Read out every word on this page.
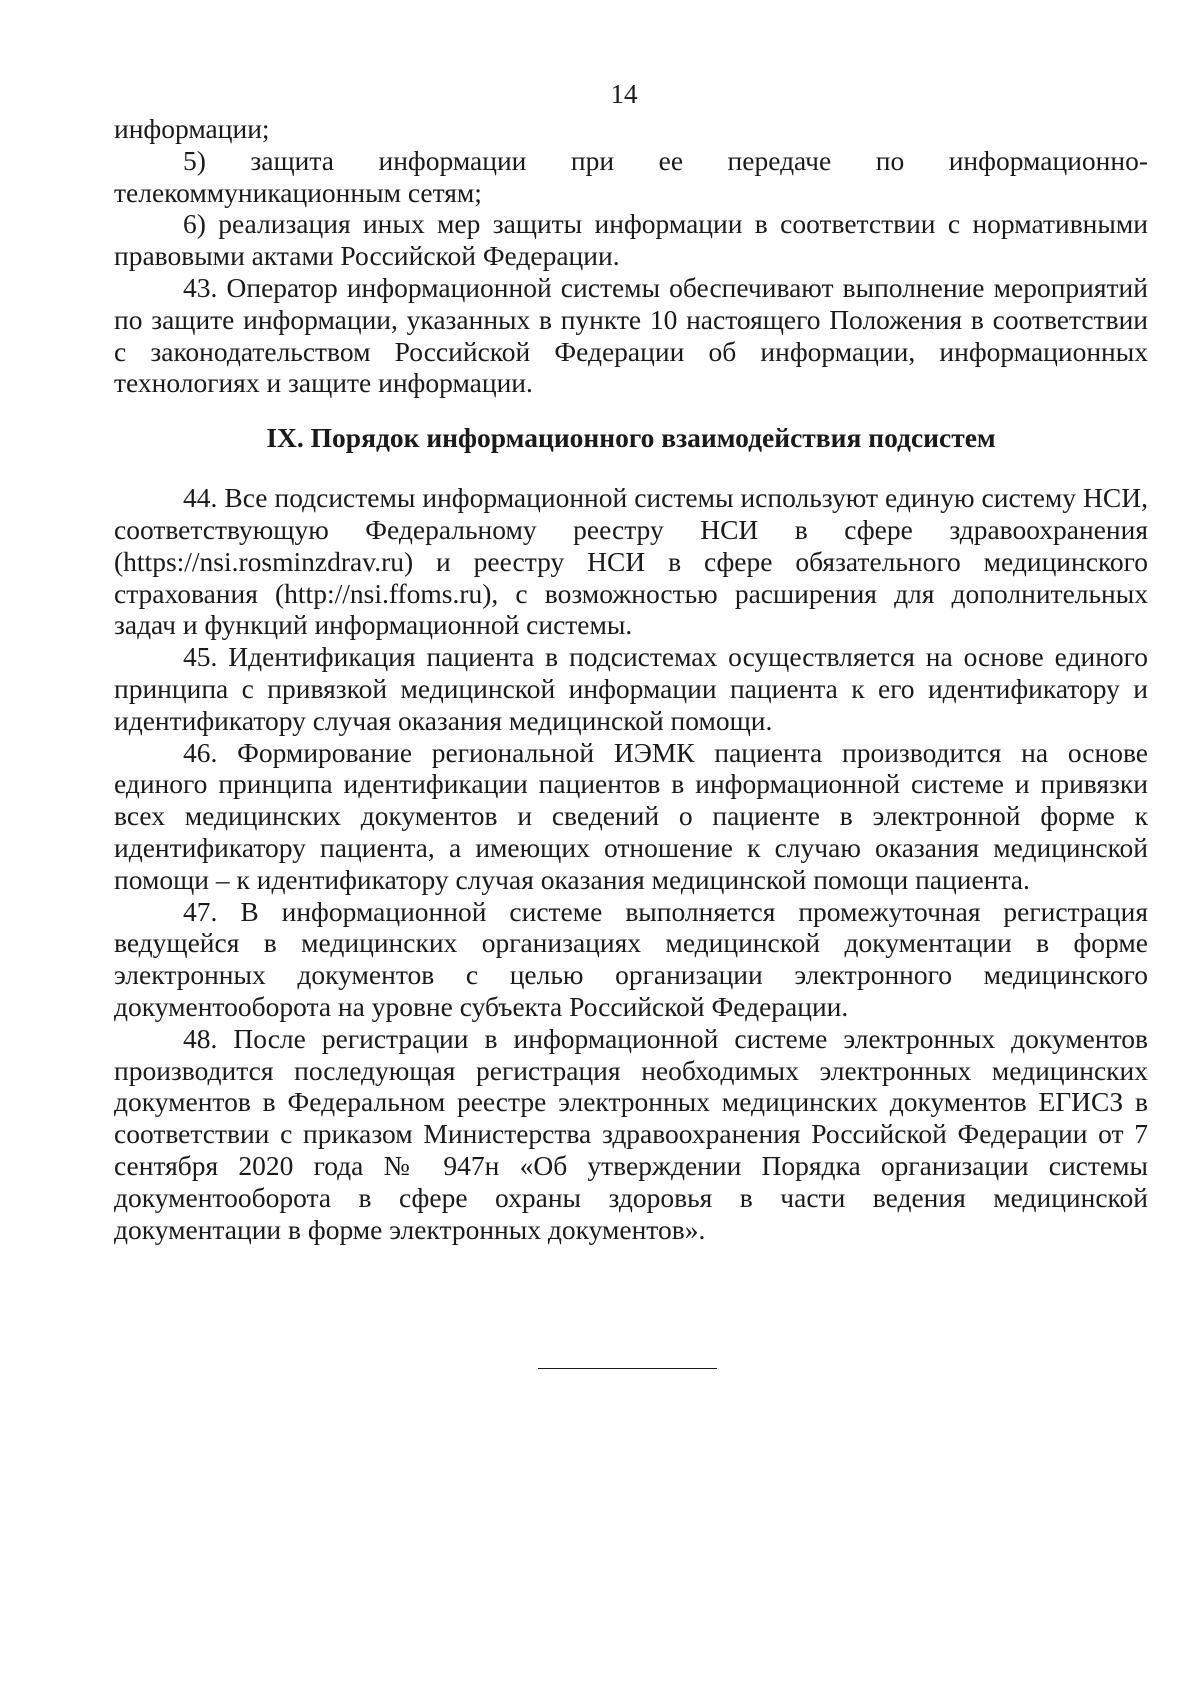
14

информации;

5) защита информации при ее передаче по информационно-телекоммуникационным сетям;

6) реализация иных мер защиты информации в соответствии с нормативными правовыми актами Российской Федерации.

43. Оператор информационной системы обеспечивают выполнение мероприятий по защите информации, указанных в пункте 10 настоящего Положения в соответствии с законодательством Российской Федерации об информации, информационных технологиях и защите информации.

IX. Порядок информационного взаимодействия подсистем

44. Все подсистемы информационной системы используют единую систему НСИ, соответствующую Федеральному реестру НСИ в сфере здравоохранения (https://nsi.rosminzdrav.ru) и реестру НСИ в сфере обязательного медицинского страхования (http://nsi.ffoms.ru), с возможностью расширения для дополнительных задач и функций информационной системы.

45. Идентификация пациента в подсистемах осуществляется на основе единого принципа с привязкой медицинской информации пациента к его идентификатору и идентификатору случая оказания медицинской помощи.

46. Формирование региональной ИЭМК пациента производится на основе единого принципа идентификации пациентов в информационной системе и привязки всех медицинских документов и сведений о пациенте в электронной форме к идентификатору пациента, а имеющих отношение к случаю оказания медицинской помощи – к идентификатору случая оказания медицинской помощи пациента.

47. В информационной системе выполняется промежуточная регистрация ведущейся в медицинских организациях медицинской документации в форме электронных документов с целью организации электронного медицинского документооборота на уровне субъекта Российской Федерации.

48. После регистрации в информационной системе электронных документов производится последующая регистрация необходимых электронных медицинских документов в Федеральном реестре электронных медицинских документов ЕГИСЗ в соответствии с приказом Министерства здравоохранения Российской Федерации от 7 сентября 2020 года № 947н «Об утверждении Порядка организации системы документооборота в сфере охраны здоровья в части ведения медицинской документации в форме электронных документов».
